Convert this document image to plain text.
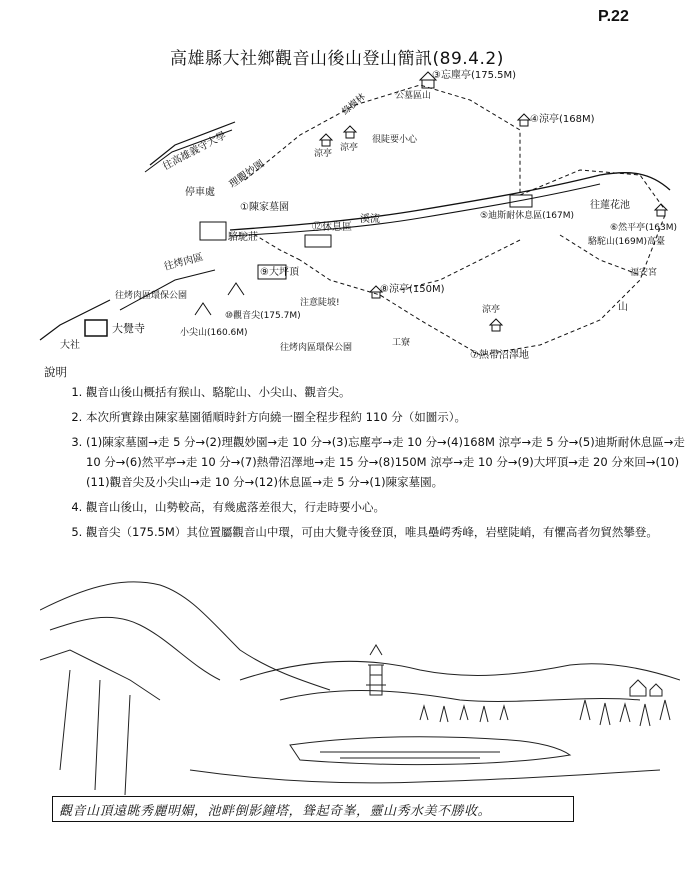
P.22
高雄縣大社鄉觀音山後山登山簡訊(89.4.2)
往高雄義守大學
理觀妙園
綠樹林	公墓區山
③忘塵亭(175.5M)
涼亭
涼亭
很陡要小心
④涼亭(168M)
停車處
①陳家墓園
駱駝莊
溪流
⑫休息區
⑤迪斯耐休息區(167M)
往蓮花池
⑥然平亭(163M)
駱駝山(169M)高臺
往烤肉區
小尖山(160.6M)
⑩觀音尖(175.7M)
⑨大坪頂
⑧涼亭(150M)
注意陡坡!
往烤肉區環保公園
往烤肉區環保公園	工寮
涼亭
⑦熱帶沼澤地
大覺寺
大社
山
福安宮
說明
1. 觀音山後山概括有猴山、駱駝山、小尖山、觀音尖。
2. 本次所實錄由陳家墓園循順時針方向繞一圈全程步程約 110 分（如圖示）。
3. (1)陳家墓園→走 5 分→(2)理觀妙園→走 10 分→(3)忘塵亭→走 10 分→(4)168M 涼亭→走 5 分→(5)迪斯耐休息區→走 10 分→(6)然平亭→走 10 分→(7)熱帶沼澤地→走 15 分→(8)150M 涼亭→走 10 分→(9)大坪頂→走 20 分來回→(10)(11)觀音尖及小尖山→走 10 分→(12)休息區→走 5 分→(1)陳家墓園。
4. 觀音山後山，山勢較高，有幾處落差很大，行走時要小心。
5. 觀音尖（175.5M）其位置屬觀音山中環，可由大覺寺後登頂，唯具壘崿秀峰，岩壁陡峭，有懼高者勿貿然攀登。
觀音山頂遠眺秀麗明媚，池畔倒影鐘塔，聳起奇峯，靈山秀水美不勝收。
